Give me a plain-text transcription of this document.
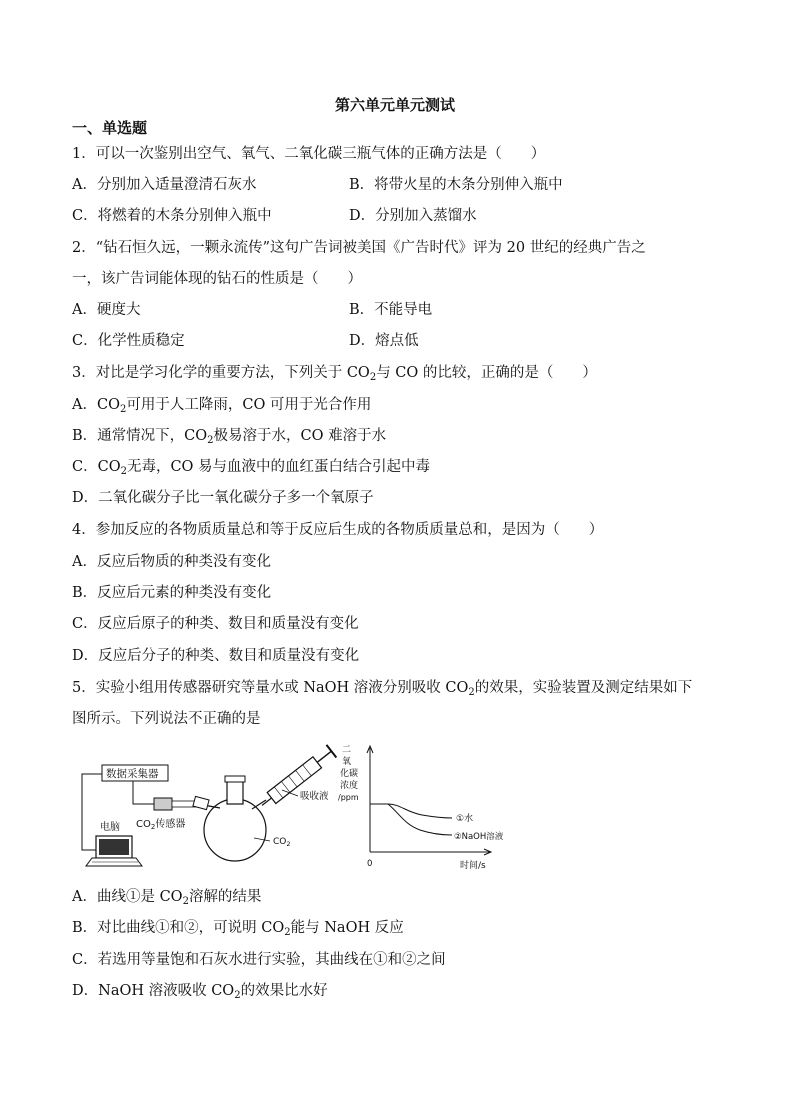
第六单元单元测试
一、单选题
1．可以一次鉴别出空气、氧气、二氧化碳三瓶气体的正确方法是（　　）
A．分别加入适量澄清石灰水	B．将带火星的木条分别伸入瓶中
C．将燃着的木条分别伸入瓶中	D．分别加入蒸馏水
2．“钻石恒久远，一颗永流传”这句广告词被美国《广告时代》评为 20 世纪的经典广告之
一，该广告词能体现的钻石的性质是（　　）
A．硬度大	B．不能导电
C．化学性质稳定	D．熔点低
3．对比是学习化学的重要方法，下列关于 $CO_2$与 CO 的比较，正确的是（　　）
A．$CO_2$可用于人工降雨，CO 可用于光合作用
B．通常情况下，$CO_2$极易溶于水，CO 难溶于水
C．$CO_2$无毒，CO 易与血液中的血红蛋白结合引起中毒
D．二氧化碳分子比一氧化碳分子多一个氧原子
4．参加反应的各物质质量总和等于反应后生成的各物质质量总和，是因为（　　）
A．反应后物质的种类没有变化
B．反应后元素的种类没有变化
C．反应后原子的种类、数目和质量没有变化
D．反应后分子的种类、数目和质量没有变化
5．实验小组用传感器研究等量水或 NaOH 溶液分别吸收 $CO_2$的效果，实验装置及测定结果如下
图所示。下列说法不正确的是
数据采集器
电脑 $CO_2$传感器
$CO_2$
吸收液
二
氧
化碳
浓度
/ppm
0	时间/s
①水
②NaOH溶液
A．曲线①是 $CO_2$溶解的结果
B．对比曲线①和②，可说明 $CO_2$能与 NaOH 反应
C．若选用等量饱和石灰水进行实验，其曲线在①和②之间
D．NaOH 溶液吸收 $CO_2$的效果比水好
